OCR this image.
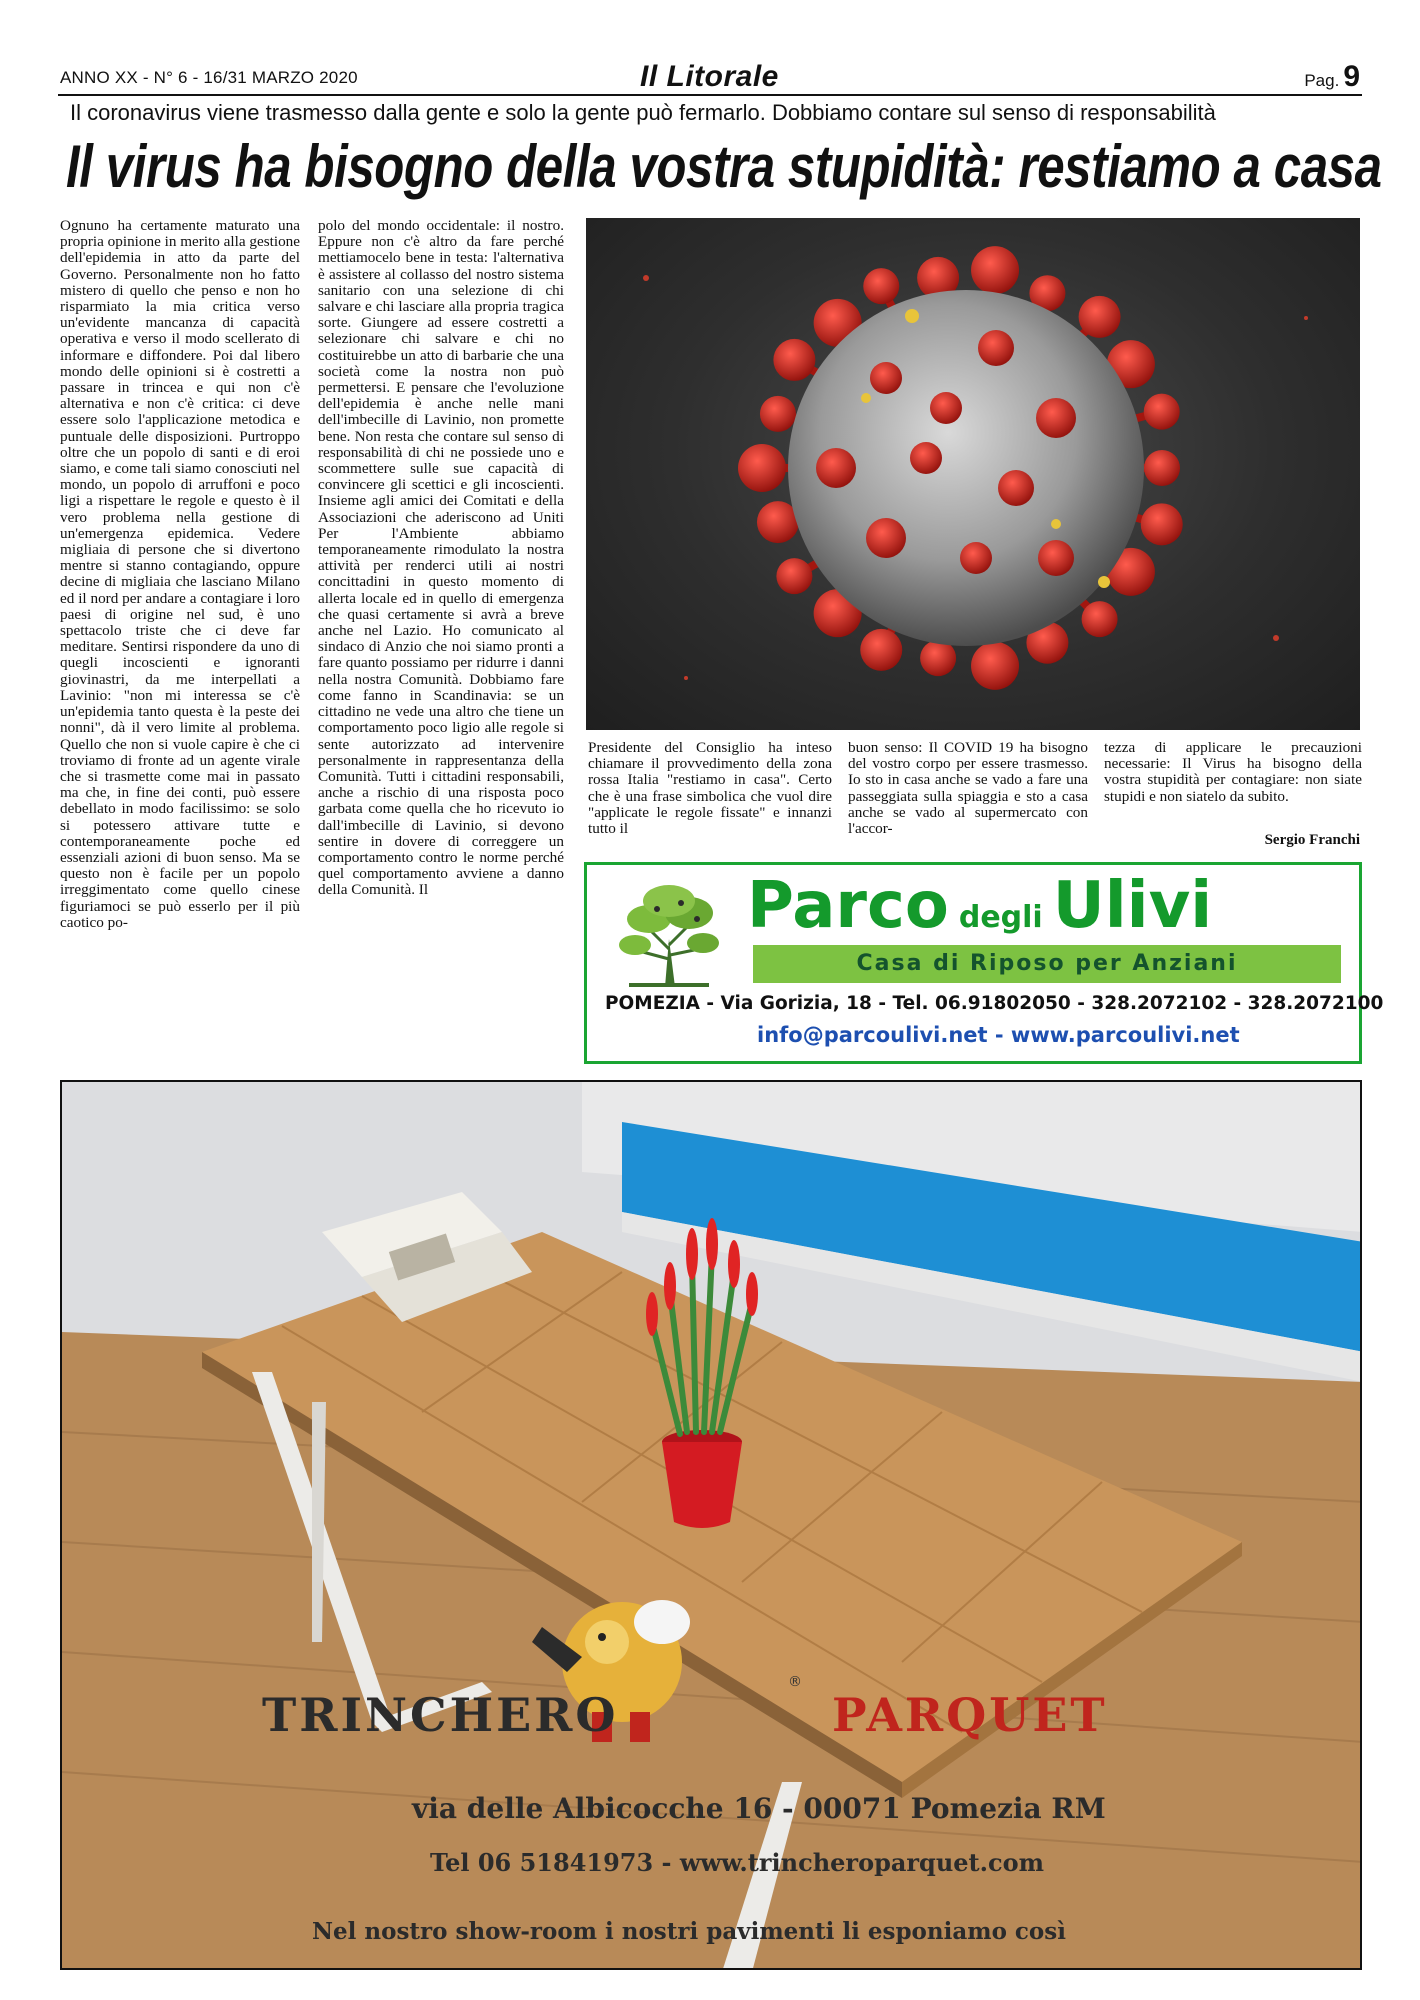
ANNO XX - N° 6 - 16/31 MARZO 2020	Il Litorale	Pag. 9
Il coronavirus viene trasmesso dalla gente e solo la gente può fermarlo. Dobbiamo contare sul senso di responsabilità
Il virus ha bisogno della vostra stupidità: restiamo a casa
Ognuno ha certamente maturato una propria opinione in merito alla gestione dell'epidemia in atto da parte del Governo. Personalmente non ho fatto mistero di quello che penso e non ho risparmiato la mia critica verso un'evidente mancanza di capacità operativa e verso il modo scellerato di informare e diffondere. Poi dal libero mondo delle opinioni si è costretti a passare in trincea e qui non c'è alternativa e non c'è critica: ci deve essere solo l'applicazione metodica e puntuale delle disposizioni. Purtroppo oltre che un popolo di santi e di eroi siamo, e come tali siamo conosciuti nel mondo, un popolo di arruffoni e poco ligi a rispettare le regole e questo è il vero problema nella gestione di un'emergenza epidemica. Vedere migliaia di persone che si divertono mentre si stanno contagiando, oppure decine di migliaia che lasciano Milano ed il nord per andare a contagiare i loro paesi di origine nel sud, è uno spettacolo triste che ci deve far meditare. Sentirsi rispondere da uno di quegli incoscienti e ignoranti giovinastri, da me interpellati a Lavinio: "non mi interessa se c'è un'epidemia tanto questa è la peste dei nonni", dà il vero limite al problema. Quello che non si vuole capire è che ci troviamo di fronte ad un agente virale che si trasmette come mai in passato ma che, in fine dei conti, può essere debellato in modo facilissimo: se solo si potessero attivare tutte e contemporaneamente poche ed essenziali azioni di buon senso. Ma se questo non è facile per un popolo irreggimentato come quello cinese figuriamoci se può esserlo per il più caotico po-
polo del mondo occidentale: il nostro. Eppure non c'è altro da fare perché mettiamocelo bene in testa: l'alternativa è assistere al collasso del nostro sistema sanitario con una selezione di chi salvare e chi lasciare alla propria tragica sorte. Giungere ad essere costretti a selezionare chi salvare e chi no costituirebbe un atto di barbarie che una società come la nostra non può permettersi. E pensare che l'evoluzione dell'epidemia è anche nelle mani dell'imbecille di Lavinio, non promette bene. Non resta che contare sul senso di responsabilità di chi ne possiede uno e scommettere sulle sue capacità di convincere gli scettici e gli incoscienti. Insieme agli amici dei Comitati e della Associazioni che aderiscono ad Uniti Per l'Ambiente abbiamo temporaneamente rimodulato la nostra attività per renderci utili ai nostri concittadini in questo momento di allerta locale ed in quello di emergenza che quasi certamente si avrà a breve anche nel Lazio. Ho comunicato al sindaco di Anzio che noi siamo pronti a fare quanto possiamo per ridurre i danni nella nostra Comunità. Dobbiamo fare come fanno in Scandinavia: se un cittadino ne vede una altro che tiene un comportamento poco ligio alle regole si sente autorizzato ad intervenire personalmente in rappresentanza della Comunità. Tutti i cittadini responsabili, anche a rischio di una risposta poco garbata come quella che ho ricevuto io dall'imbecille di Lavinio, si devono sentire in dovere di correggere un comportamento contro le norme perché quel comportamento avviene a danno della Comunità. Il
Presidente del Consiglio ha inteso chiamare il provvedimento della zona rossa Italia "restiamo in casa". Certo che è una frase simbolica che vuol dire "applicate le regole fissate" e innanzi tutto il
buon senso: Il COVID 19 ha bisogno del vostro corpo per essere trasmesso. Io sto in casa anche se vado a fare una passeggiata sulla spiaggia e sto a casa anche se vado al supermercato con l'accor-
tezza di applicare le precauzioni necessarie: Il Virus ha bisogno della vostra stupidità per contagiare: non siate stupidi e non siatelo da subito.
Sergio Franchi
Parco degli Ulivi
Casa di Riposo per Anziani
POMEZIA - Via Gorizia, 18 - Tel. 06.91802050 - 328.2072102 - 328.2072100
info@parcoulivi.net - www.parcoulivi.net
TRINCHERO
®
PARQUET
via delle Albicocche 16 - 00071 Pomezia RM
Tel 06 51841973 - www.trincheroparquet.com
Nel nostro show-room i nostri pavimenti li esponiamo così
